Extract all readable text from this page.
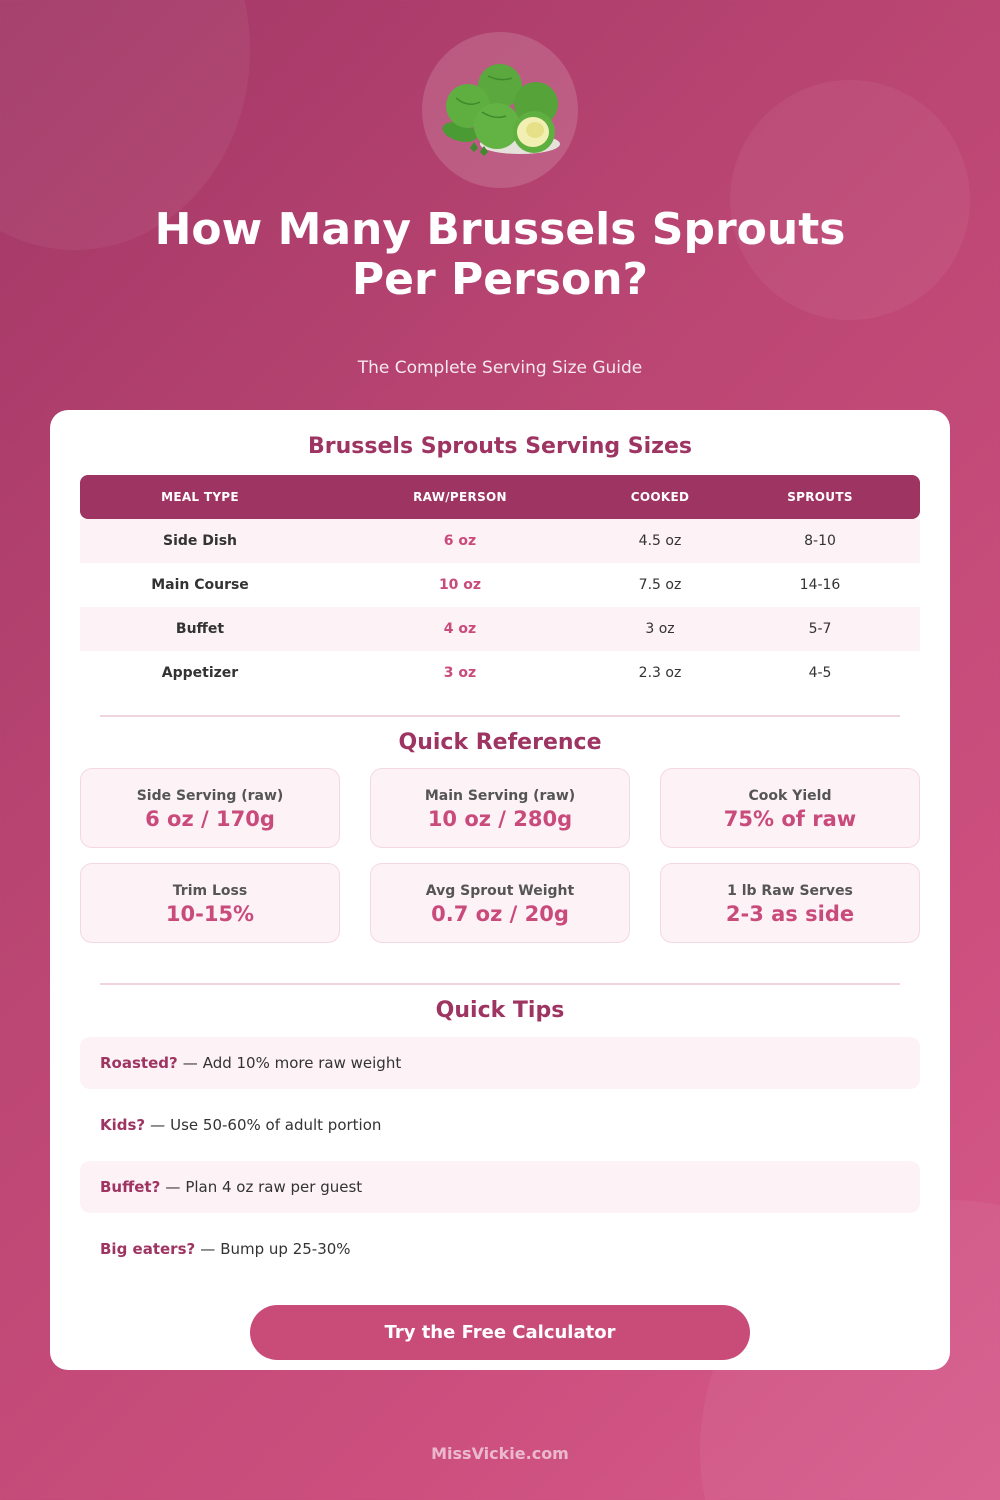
How Many Brussels Sprouts
Per Person?
The Complete Serving Size Guide
Brussels Sprouts Serving Sizes
MEAL TYPE	RAW/PERSON	COOKED	SPROUTS
Side Dish	6 oz	4.5 oz	8-10
Main Course	10 oz	7.5 oz	14-16
Buffet	4 oz	3 oz	5-7
Appetizer	3 oz	2.3 oz	4-5
Quick Reference
Side Serving (raw)
6 oz / 170g
Main Serving (raw)
10 oz / 280g
Cook Yield
75% of raw
Trim Loss
10-15%
Avg Sprout Weight
0.7 oz / 20g
1 lb Raw Serves
2-3 as side
Quick Tips
Roasted? — Add 10% more raw weight
Kids? — Use 50-60% of adult portion
Buffet? — Plan 4 oz raw per guest
Big eaters? — Bump up 25-30%
Try the Free Calculator
MissVickie.com
